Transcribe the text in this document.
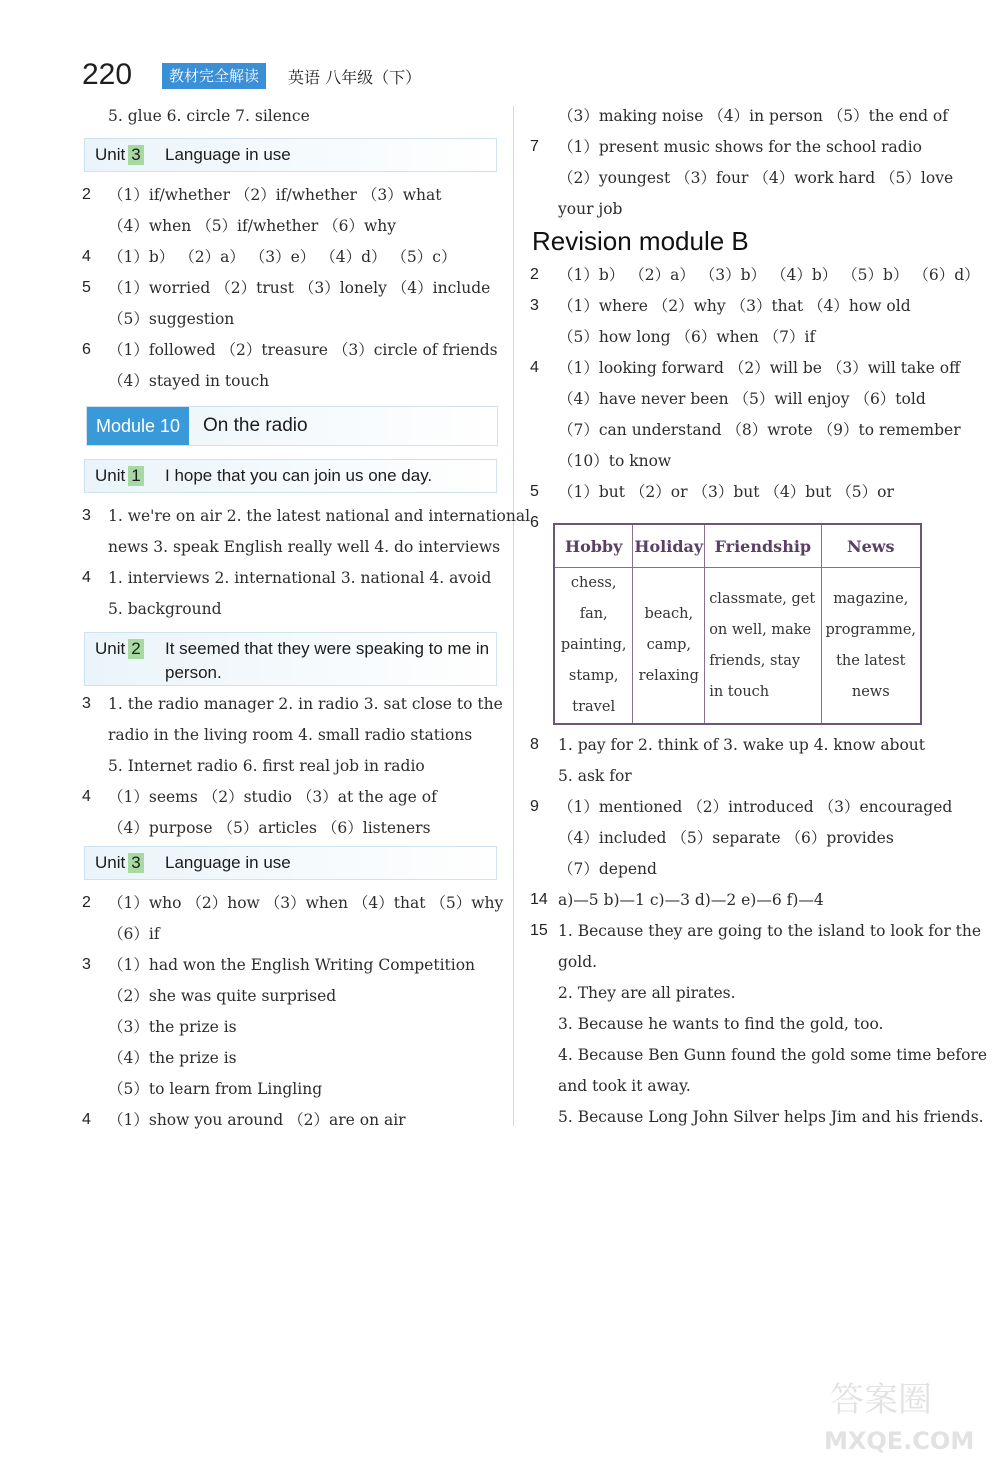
220	教材完全解读	英语 八年级（下）
Unit 3 Language in use
Module 10	On the radio
Unit 1 I hope that you can join us one day.
Unit 2 It seemed that they were speaking to me in person.
Unit 3 Language in use
Revision module B
Hobby	Holiday	Friendship	News
chess, fan, painting, stamp, travel	beach, camp, relaxing	classmate, get on well, make friends, stay in touch	magazine, programme, the latest news
答案圈
MXQE.COM
5. glue 6. circle 7. silence
2 （1）if/whether （2）if/whether （3）what
（4）when （5）if/whether （6）why
4 （1）b） （2）a） （3）e） （4）d） （5）c）
5 （1）worried （2）trust （3）lonely （4）include
（5）suggestion
6 （1）followed （2）treasure （3）circle of friends
（4）stayed in touch
3 1. we're on air 2. the latest national and international
news 3. speak English really well 4. do interviews
4 1. interviews 2. international 3. national 4. avoid
5. background
3 1. the radio manager 2. in radio 3. sat close to the
radio in the living room 4. small radio stations
5. Internet radio 6. first real job in radio
4 （1）seems （2）studio （3）at the age of
（4）purpose （5）articles （6）listeners
2 （1）who （2）how （3）when （4）that （5）why
（6）if
3 （1）had won the English Writing Competition
（2）she was quite surprised
（3）the prize is
（4）the prize is
（5）to learn from Lingling
4 （1）show you around （2）are on air
（3）making noise （4）in person （5）the end of
7 （1）present music shows for the school radio
（2）youngest （3）four （4）work hard （5）love
your job
2 （1）b） （2）a） （3）b） （4）b） （5）b） （6）d）
3 （1）where （2）why （3）that （4）how old
（5）how long （6）when （7）if
4 （1）looking forward （2）will be （3）will take off
（4）have never been （5）will enjoy （6）told
（7）can understand （8）wrote （9）to remember
（10）to know
5 （1）but （2）or （3）but （4）but （5）or
6
8 1. pay for 2. think of 3. wake up 4. know about
5. ask for
9 （1）mentioned （2）introduced （3）encouraged
（4）included （5）separate （6）provides
（7）depend
14 a)—5 b)—1 c)—3 d)—2 e)—6 f)—4
15 1. Because they are going to the island to look for the
gold.
2. They are all pirates.
3. Because he wants to find the gold, too.
4. Because Ben Gunn found the gold some time before
and took it away.
5. Because Long John Silver helps Jim and his friends.
